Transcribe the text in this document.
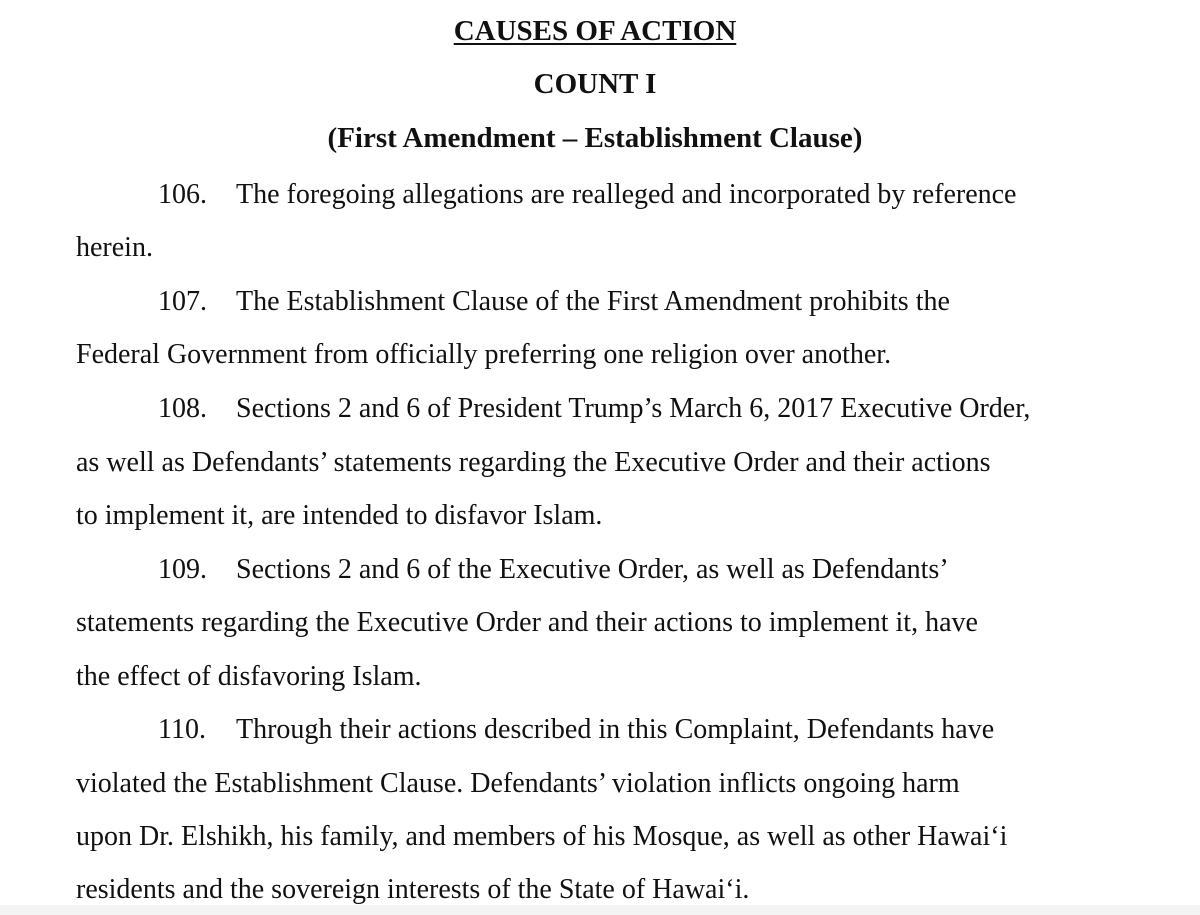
CAUSES OF ACTION
COUNT I
(First Amendment – Establishment Clause)
106. The foregoing allegations are realleged and incorporated by reference
herein.
107. The Establishment Clause of the First Amendment prohibits the
Federal Government from officially preferring one religion over another.
108. Sections 2 and 6 of President Trump’s March 6, 2017 Executive Order,
as well as Defendants’ statements regarding the Executive Order and their actions
to implement it, are intended to disfavor Islam.
109. Sections 2 and 6 of the Executive Order, as well as Defendants’
statements regarding the Executive Order and their actions to implement it, have
the effect of disfavoring Islam.
110. Through their actions described in this Complaint, Defendants have
violated the Establishment Clause. Defendants’ violation inflicts ongoing harm
upon Dr. Elshikh, his family, and members of his Mosque, as well as other Hawai‘i
residents and the sovereign interests of the State of Hawai‘i.
